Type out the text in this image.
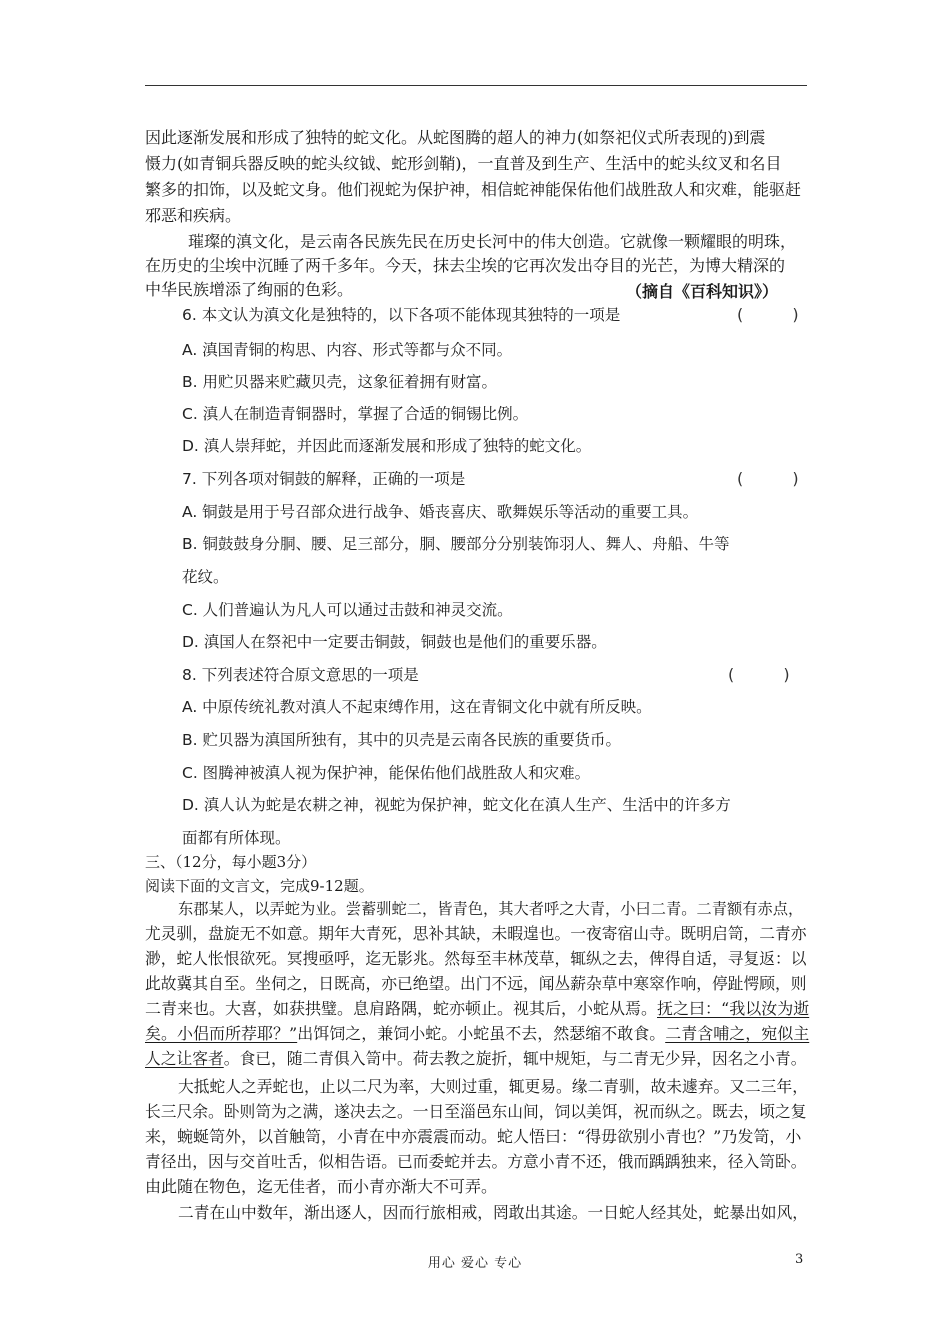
因此逐渐发展和形成了独特的蛇文化。从蛇图腾的超人的神力(如祭祀仪式所表现的)到震
慑力(如青铜兵器反映的蛇头纹钺、蛇形剑鞘)，一直普及到生产、生活中的蛇头纹叉和名目
繁多的扣饰，以及蛇文身。他们视蛇为保护神，相信蛇神能保佑他们战胜敌人和灾难，能驱赶
邪恶和疾病。
璀璨的滇文化，是云南各民族先民在历史长河中的伟大创造。它就像一颗耀眼的明珠，
在历史的尘埃中沉睡了两千多年。今天，抹去尘埃的它再次发出夺目的光芒，为博大精深的
中华民族增添了绚丽的色彩。	（摘自《百科知识》）
6. 本文认为滇文化是独特的，以下各项不能体现其独特的一项是	( )
A. 滇国青铜的构思、内容、形式等都与众不同。
B. 用贮贝器来贮藏贝壳，这象征着拥有财富。
C. 滇人在制造青铜器时，掌握了合适的铜锡比例。
D. 滇人崇拜蛇，并因此而逐渐发展和形成了独特的蛇文化。
7. 下列各项对铜鼓的解释，正确的一项是	( )
A. 铜鼓是用于号召部众进行战争、婚丧喜庆、歌舞娱乐等活动的重要工具。
B. 铜鼓鼓身分胴、腰、足三部分，胴、腰部分分别装饰羽人、舞人、舟船、牛等
花纹。
C. 人们普遍认为凡人可以通过击鼓和神灵交流。
D. 滇国人在祭祀中一定要击铜鼓，铜鼓也是他们的重要乐器。
8. 下列表述符合原文意思的一项是	( )
A. 中原传统礼教对滇人不起束缚作用，这在青铜文化中就有所反映。
B. 贮贝器为滇国所独有，其中的贝壳是云南各民族的重要货币。
C. 图腾神被滇人视为保护神，能保佑他们战胜敌人和灾难。
D. 滇人认为蛇是农耕之神，视蛇为保护神，蛇文化在滇人生产、生活中的许多方
面都有所体现。
三、（12分，每小题3分）
阅读下面的文言文，完成9-12题。
东郡某人，以弄蛇为业。尝蓄驯蛇二，皆青色，其大者呼之大青，小曰二青。二青额有赤点，
尤灵驯，盘旋无不如意。期年大青死，思补其缺，未暇遑也。一夜寄宿山寺。既明启笥，二青亦
渺，蛇人怅恨欲死。冥搜亟呼，迄无影兆。然每至丰林茂草，辄纵之去，俾得自适，寻复返：以
此故冀其自至。坐伺之，日既高，亦已绝望。出门不远，闻丛薪杂草中寒窣作响，停趾愕顾，则
二青来也。大喜，如获拱璧。息肩路隅，蛇亦顿止。视其后，小蛇从焉。抚之曰：“我以汝为逝
矣。小侣而所荐耶？”出饵饲之，兼饲小蛇。小蛇虽不去，然瑟缩不敢食。二青含哺之，宛似主
人之让客者。食已，随二青俱入笥中。荷去教之旋折，辄中规矩，与二青无少异，因名之小青。
大抵蛇人之弄蛇也，止以二尺为率，大则过重，辄更易。缘二青驯，故未遽弃。又二三年，
长三尺余。卧则笥为之满，遂决去之。一日至淄邑东山间，饲以美饵，祝而纵之。既去，顷之复
来，蜿蜒笥外，以首触笥，小青在中亦震震而动。蛇人悟曰：“得毋欲别小青也？”乃发笥，小
青径出，因与交首吐舌，似相告语。已而委蛇并去。方意小青不还，俄而踽踽独来，径入笥卧。
由此随在物色，迄无佳者，而小青亦渐大不可弄。
二青在山中数年，渐出逐人，因而行旅相戒，罔敢出其途。一日蛇人经其处，蛇暴出如风，
用心 爱心 专心	3
